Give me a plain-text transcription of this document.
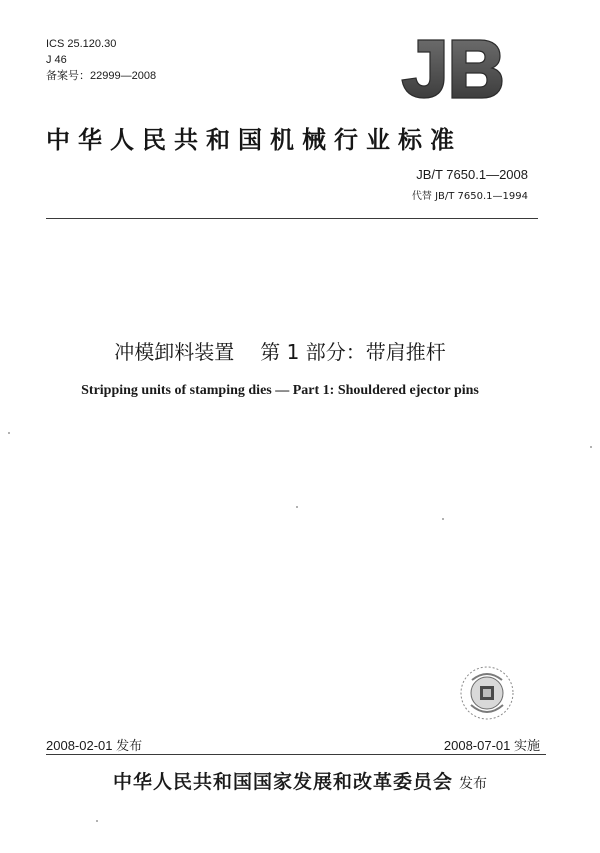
ICS 25.120.30
J 46
备案号：22999—2008
中华人民共和国机械行业标准
JB/T 7650.1—2008
代替 JB/T 7650.1—1994
冲模卸料装置 第 1 部分：带肩推杆
Stripping units of stamping dies — Part 1: Shouldered ejector pins
2008-02-01 发布	2008-07-01 实施
中华人民共和国国家发展和改革委员会 发布
